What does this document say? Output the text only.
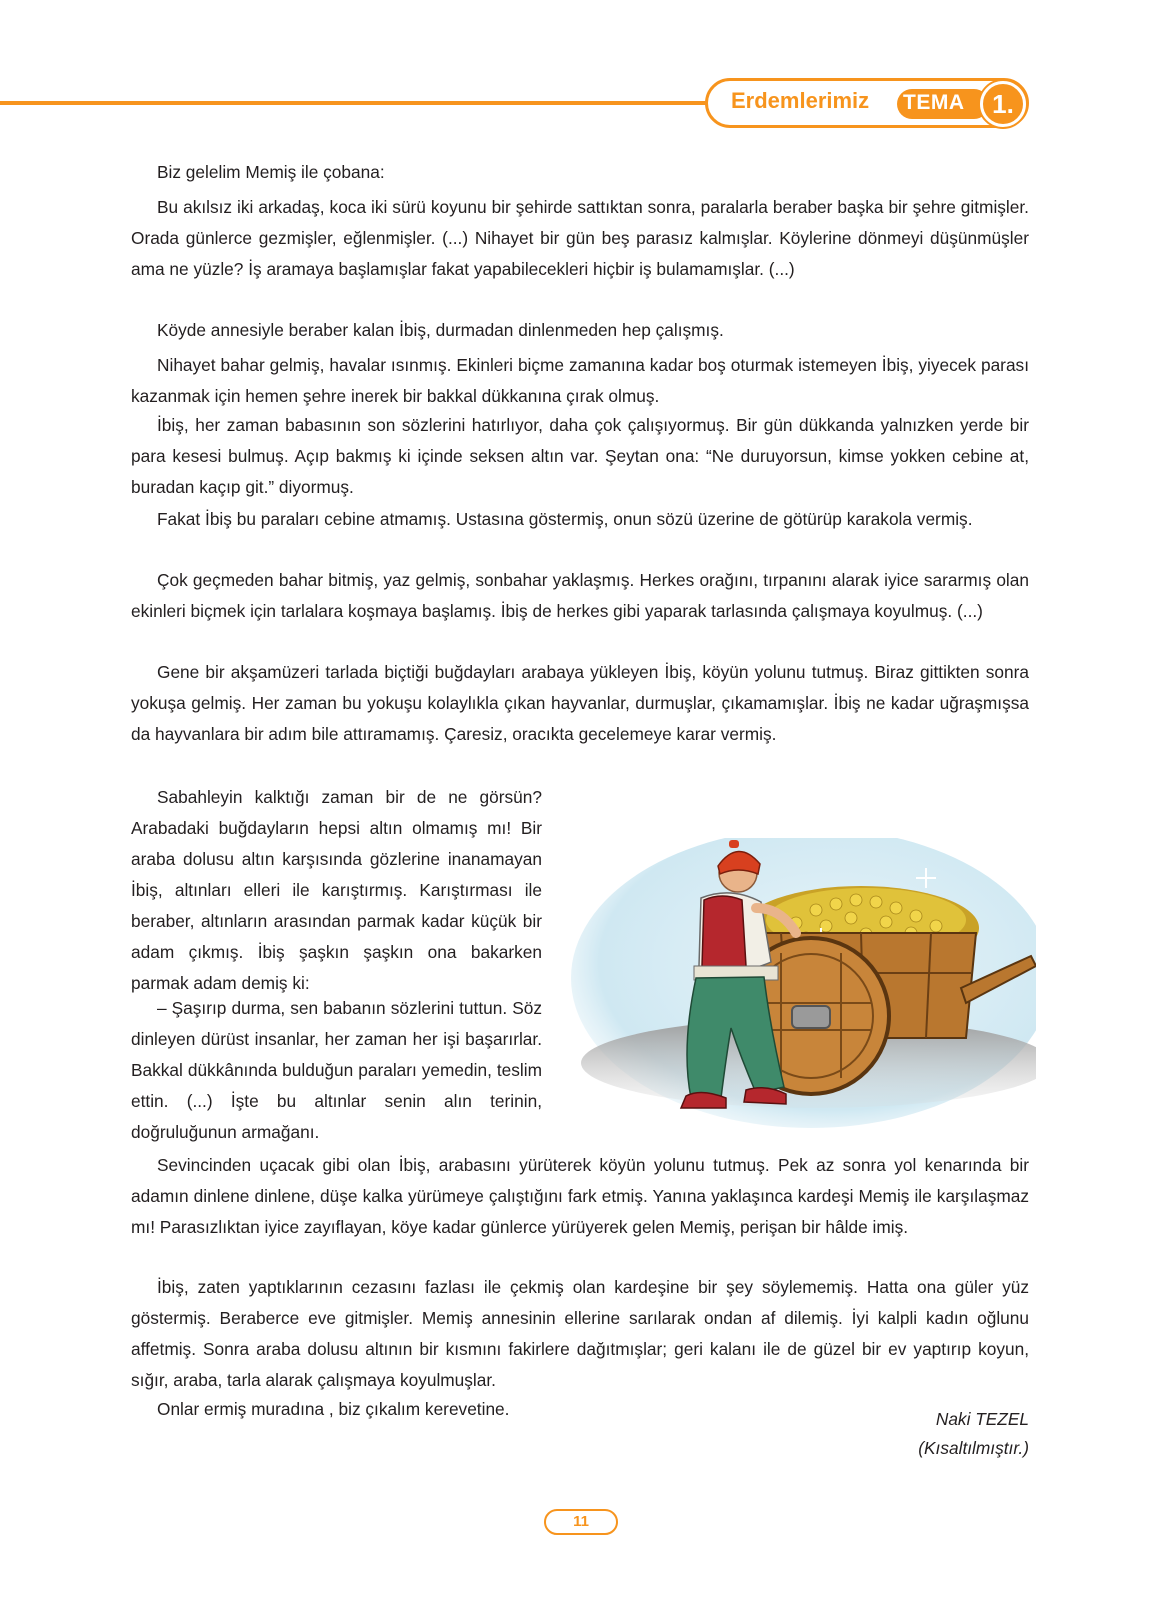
Erdemlerimiz TEMA	1.

Biz gelelim Memiş ile çobana:

Bu akılsız iki arkadaş, koca iki sürü koyunu bir şehirde sattıktan sonra, paralarla beraber başka bir şehre gitmişler. Orada günlerce gezmişler, eğlenmişler. (...) Nihayet bir gün beş parasız kalmışlar. Köylerine dönmeyi düşünmüşler ama ne yüzle? İş aramaya başlamışlar fakat yapabilecekleri hiçbir iş bulamamışlar. (...)

Köyde annesiyle beraber kalan İbiş, durmadan dinlenmeden hep çalışmış.

Nihayet bahar gelmiş, havalar ısınmış. Ekinleri biçme zamanına kadar boş oturmak istemeyen İbiş, yiyecek parası kazanmak için hemen şehre inerek bir bakkal dükkanına çırak olmuş.

İbiş, her zaman babasının son sözlerini hatırlıyor, daha çok çalışıyormuş. Bir gün dükkanda yalnızken yerde bir para kesesi bulmuş. Açıp bakmış ki içinde seksen altın var. Şeytan ona: “Ne duruyorsun, kimse yokken cebine at, buradan kaçıp git.” diyormuş.

Fakat İbiş bu paraları cebine atmamış. Ustasına göstermiş, onun sözü üzerine de götürüp karakola vermiş.

Çok geçmeden bahar bitmiş, yaz gelmiş, sonbahar yaklaşmış. Herkes orağını, tırpanını alarak iyice sararmış olan ekinleri biçmek için tarlalara koşmaya başlamış. İbiş de herkes gibi yaparak tarlasında çalışmaya koyulmuş. (...)

Gene bir akşamüzeri tarlada biçtiği buğdayları arabaya yükleyen İbiş, köyün yolunu tutmuş. Biraz gittikten sonra yokuşa gelmiş. Her zaman bu yokuşu kolaylıkla çıkan hayvanlar, durmuşlar, çıkamamışlar. İbiş ne kadar uğraşmışsa da hayvanlara bir adım bile attıramamış. Çaresiz, oracıkta gecelemeye karar vermiş.

Sabahleyin kalktığı zaman bir de ne görsün? Arabadaki buğdayların hepsi altın olmamış mı! Bir araba dolusu altın karşısında gözlerine inanamayan İbiş, altınları elleri ile karıştırmış. Karıştırması ile beraber, altınların arasından parmak kadar küçük bir adam çıkmış. İbiş şaşkın şaşkın ona bakarken parmak adam demiş ki:

– Şaşırıp durma, sen babanın sözlerini tuttun. Söz dinleyen dürüst insanlar, her zaman her işi başarırlar. Bakkal dükkânında bulduğun paraları yemedin, teslim ettin. (...) İşte bu altınlar senin alın terinin, doğruluğunun armağanı.

Sevincinden uçacak gibi olan İbiş, arabasını yürüterek köyün yolunu tutmuş. Pek az sonra yol kenarında bir adamın dinlene dinlene, düşe kalka yürümeye çalıştığını fark etmiş. Yanına yaklaşınca kardeşi Memiş ile karşılaşmaz mı! Parasızlıktan iyice zayıflayan, köye kadar günlerce yürüyerek gelen Memiş, perişan bir hâlde imiş.

İbiş, zaten yaptıklarının cezasını fazlası ile çekmiş olan kardeşine bir şey söylememiş. Hatta ona güler yüz göstermiş. Beraberce eve gitmişler. Memiş annesinin ellerine sarılarak ondan af dilemiş. İyi kalpli kadın oğlunu affetmiş. Sonra araba dolusu altının bir kısmını fakirlere dağıtmışlar; geri kalanı ile de güzel bir ev yaptırıp koyun, sığır, araba, tarla alarak çalışmaya koyulmuşlar.

Onlar ermiş muradına , biz çıkalım kerevetine.	Naki TEZEL
(Kısaltılmıştır.)
11
